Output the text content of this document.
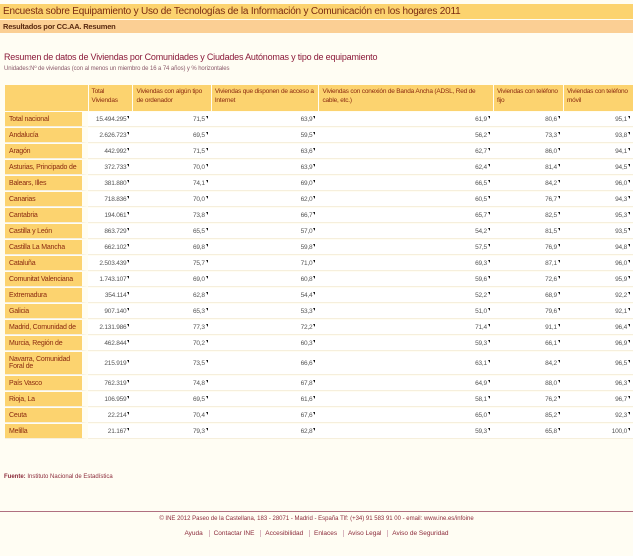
Encuesta sobre Equipamiento y Uso de Tecnologías de la Información y Comunicación en los hogares 2011
Resultados por CC.AA. Resumen
Resumen de datos de Viviendas por Comunidades y Ciudades Autónomas y tipo de equipamiento
Unidades:Nº de viviendas (con al menos un miembro de 16 a 74 años) y % horizontales
	Total Viviendas	Viviendas con algún tipo de ordenador	Viviendas que disponen de acceso a Internet	Viviendas con conexión de Banda Ancha (ADSL, Red de cable, etc.)	Viviendas con teléfono fijo	Viviendas con teléfono móvil
Total nacional	15.494.295	71,5	63,9	61,9	80,6	95,1
Andalucía	2.626.723	69,5	59,5	56,2	73,3	93,8
Aragón	442.992	71,5	63,6	62,7	86,0	94,1
Asturias, Principado de	372.733	70,0	63,9	62,4	81,4	94,5
Balears, Illes	381.880	74,1	69,0	66,5	84,2	96,0
Canarias	718.836	70,0	62,0	60,5	76,7	94,3
Cantabria	194.061	73,8	66,7	65,7	82,5	95,3
Castilla y León	863.729	65,5	57,0	54,2	81,5	93,5
Castilla La Mancha	662.102	69,8	59,8	57,5	76,9	94,8
Cataluña	2.503.439	75,7	71,0	69,3	87,1	96,0
Comunitat Valenciana	1.743.107	69,0	60,8	59,6	72,6	95,9
Extremadura	354.114	62,8	54,4	52,2	68,9	92,2
Galicia	907.140	65,3	53,3	51,0	79,6	92,1
Madrid, Comunidad de	2.131.986	77,3	72,2	71,4	91,1	96,4
Murcia, Región de	462.844	70,2	60,3	59,3	66,1	96,9
Navarra, Comunidad Foral de	215.919	73,5	66,6	63,1	84,2	96,5
País Vasco	762.319	74,8	67,8	64,9	88,0	96,3
Rioja, La	106.959	69,5	61,6	58,1	76,2	96,7
Ceuta	22.214	70,4	67,6	65,0	85,2	92,3
Melilla	21.167	79,3	62,8	59,3	65,8	100,0
Fuente: Instituto Nacional de Estadística
© INE 2012 Paseo de la Castellana, 183 - 28071 - Madrid - España Tlf: (+34) 91 583 91 00 - email: www.ine.es/infoine
Ayuda Contactar INE Accesibilidad Enlaces Aviso Legal Aviso de Seguridad
